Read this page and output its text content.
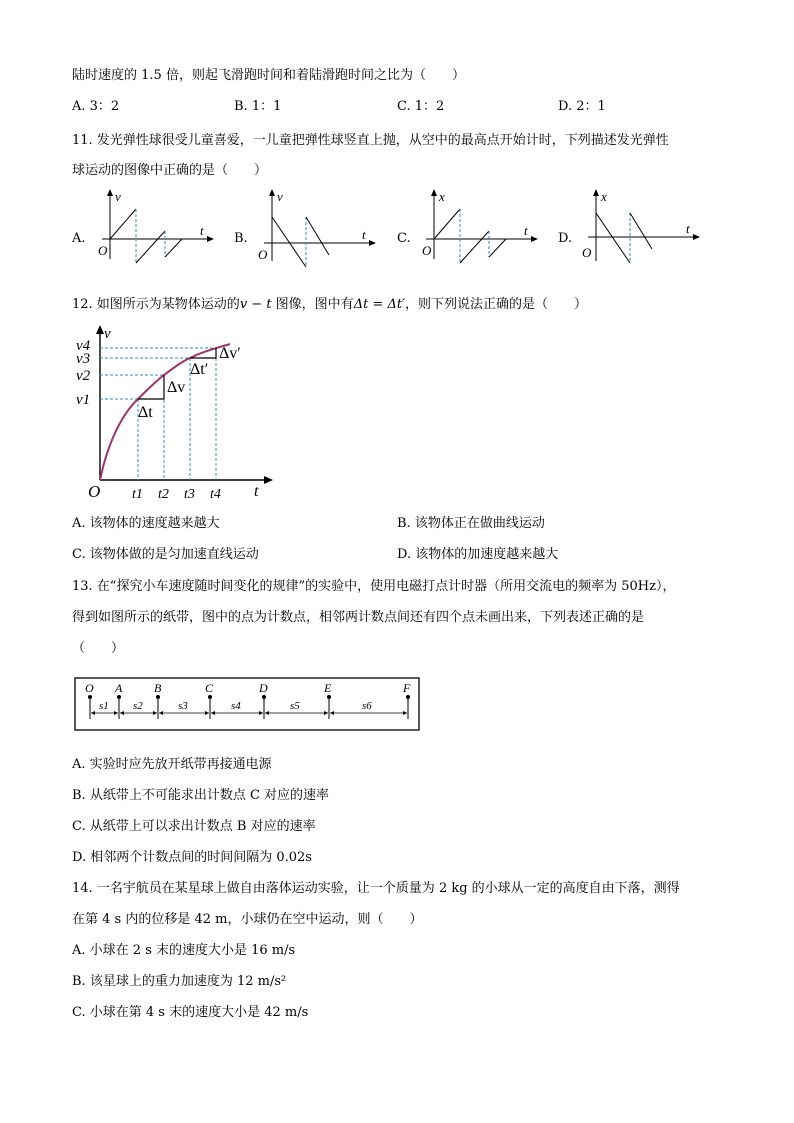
陆时速度的 1.5 倍，则起飞滑跑时间和着陆滑跑时间之比为（　　）
A. 3：2	B. 1：1	C. 1：2	D. 2：1
11. 发光弹性球很受儿童喜爱，一儿童把弹性球竖直上抛，从空中的最高点开始计时，下列描述发光弹性
球运动的图像中正确的是（　　）
A.
v
t
O
B.
v
t
O
C.
x
t
O
D.
x
t
O
12. 如图所示为某物体运动的v − t 图像，图中有Δt = Δt′，则下列说法正确的是（　　）
v
t
O
v1
v2
v3
v4
t1 t2 t3 t4
Δt
Δv
Δt′
Δv′
A. 该物体的速度越来越大	B. 该物体正在做曲线运动
C. 该物体做的是匀加速直线运动	D. 该物体的加速度越来越大
13. 在“探究小车速度随时间变化的规律”的实验中，使用电磁打点计时器（所用交流电的频率为 50Hz），
得到如图所示的纸带，图中的点为计数点，相邻两计数点间还有四个点未画出来，下列表述正确的是
（　　）
O A	B	C	D	E	F
s1 s2	s3	s4	s5	s6
A. 实验时应先放开纸带再接通电源
B. 从纸带上不可能求出计数点 C 对应的速率
C. 从纸带上可以求出计数点 B 对应的速率
D. 相邻两个计数点间的时间间隔为 0.02s
14. 一名宇航员在某星球上做自由落体运动实验，让一个质量为 2 kg 的小球从一定的高度自由下落，测得
在第 4 s 内的位移是 42 m，小球仍在空中运动，则（　　）
A. 小球在 2 s 末的速度大小是 16 m/s
B. 该星球上的重力加速度为 12 m/s²
C. 小球在第 4 s 末的速度大小是 42 m/s
